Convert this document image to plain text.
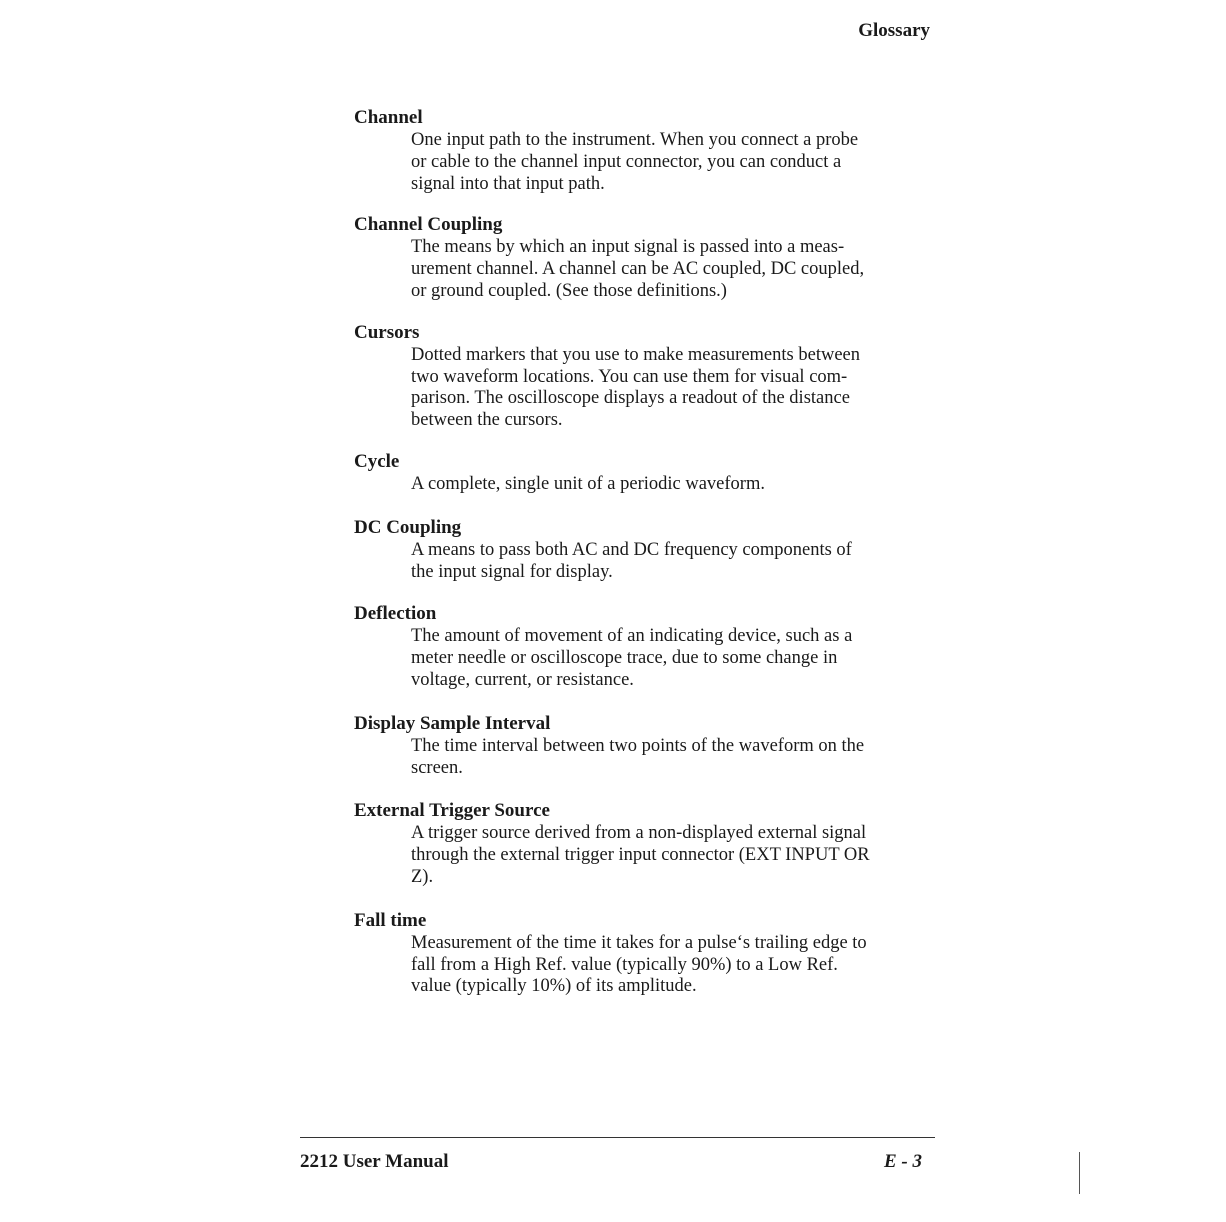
Glossary

Channel

One input path to the instrument. When you connect a probe
or cable to the channel input connector, you can conduct a
signal into that input path.

Channel Coupling

The means by which an input signal is passed into a meas-
urement channel. A channel can be AC coupled, DC coupled,
or ground coupled. (See those definitions.)

Cursors

Dotted markers that you use to make measurements between
two waveform locations. You can use them for visual com-
parison. The oscilloscope displays a readout of the distance
between the cursors.

Cycle

A complete, single unit of a periodic waveform.

DC Coupling

A means to pass both AC and DC frequency components of
the input signal for display.

Deflection

The amount of movement of an indicating device, such as a
meter needle or oscilloscope trace, due to some change in
voltage, current, or resistance.

Display Sample Interval

The time interval between two points of the waveform on the
screen.

External Trigger Source

A trigger source derived from a non-displayed external signal
through the external trigger input connector (EXT INPUT OR
Z).

Fall time

Measurement of the time it takes for a pulse‘s trailing edge to
fall from a High Ref. value (typically 90%) to a Low Ref.
value (typically 10%) of its amplitude.

2212 User Manual	E - 3
